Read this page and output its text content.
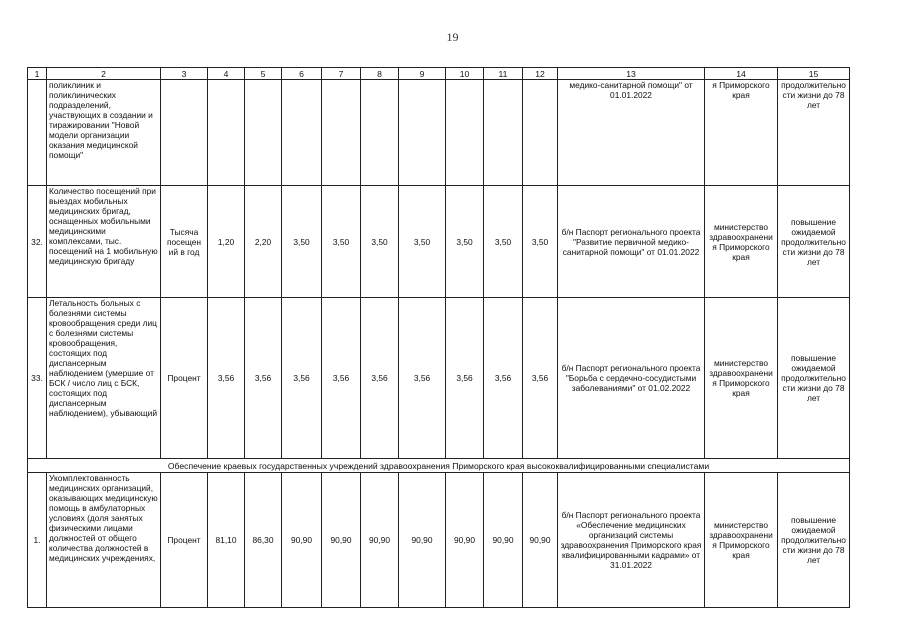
19
1	2	3	4	5	6	7	8	9	10	11	12	13	14	15
	поликлиник и поликлинических подразделений, участвующих в создании и тиражировании "Новой модели организации оказания медицинской помощи"											медико-санитарной помощи" от 01.01.2022	я Приморского края	продолжительно сти жизни до 78 лет
32.	Количество посещений при выездах мобильных медицинских бригад, оснащенных мобильными медицинскими комплексами, тыс. посещений на 1 мобильную медицинскую бригаду	Тысяча посещен ий в год	1,20	2,20	3,50	3,50	3,50	3,50	3,50	3,50	3,50	б/н Паспорт регионального проекта "Развитие первичной медико-санитарной помощи" от 01.01.2022	министерство здравоохранени я Приморского края	повышение ожидаемой продолжительно сти жизни до 78 лет
33.	Летальность больных с болезнями системы кровообращения среди лиц с болезнями системы кровообращения, состоящих под диспансерным наблюдением (умершие от БСК / число лиц с БСК, состоящих под диспансерным наблюдением), убывающий	Процент	3,56	3,56	3,56	3,56	3,56	3,56	3,56	3,56	3,56	б/н Паспорт регионального проекта "Борьба с сердечно-сосудистыми заболеваниями" от 01.02.2022	министерство здравоохранени я Приморского края	повышение ожидаемой продолжительно сти жизни до 78 лет
Обеспечение краевых государственных учреждений здравоохранения Приморского края высококвалифицированными специалистами														
1.	Укомплектованность медицинских организаций, оказывающих медицинскую помощь в амбулаторных условиях (доля занятых физическими лицами должностей от общего количества должностей в медицинских учреждениях,	Процент	81,10	86,30	90,90	90,90	90,90	90,90	90,90	90,90	90,90	б/н Паспорт регионального проекта «Обеспечение медицинских организаций системы здравоохранения Приморского края квалифицированными кадрами» от 31.01.2022	министерство здравоохранени я Приморского края	повышение ожидаемой продолжительно сти жизни до 78 лет
